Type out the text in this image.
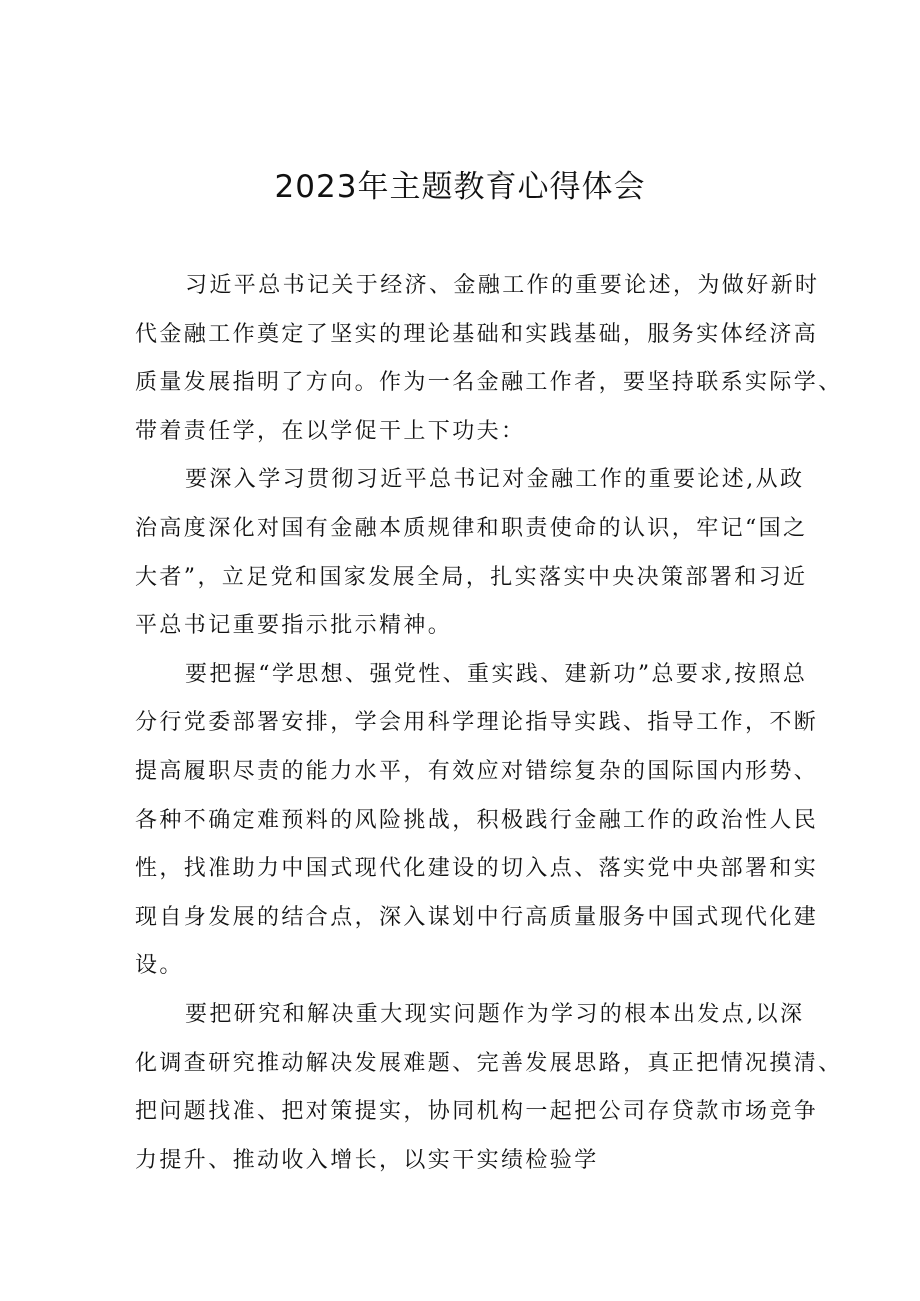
2023年主题教育心得体会
习近平总书记关于经济、金融工作的重要论述，为做好新时
代金融工作奠定了坚实的理论基础和实践基础，服务实体经济高
质量发展指明了方向。作为一名金融工作者，要坚持联系实际学、
带着责任学，在以学促干上下功夫：
要深入学习贯彻习近平总书记对金融工作的重要论述,从政
治高度深化对国有金融本质规律和职责使命的认识，牢记“国之
大者”，立足党和国家发展全局，扎实落实中央决策部署和习近
平总书记重要指示批示精神。
要把握“学思想、强党性、重实践、建新功”总要求,按照总
分行党委部署安排，学会用科学理论指导实践、指导工作，不断
提高履职尽责的能力水平，有效应对错综复杂的国际国内形势、
各种不确定难预料的风险挑战，积极践行金融工作的政治性人民
性，找准助力中国式现代化建设的切入点、落实党中央部署和实
现自身发展的结合点，深入谋划中行高质量服务中国式现代化建
设。
要把研究和解决重大现实问题作为学习的根本出发点,以深
化调查研究推动解决发展难题、完善发展思路，真正把情况摸清、
把问题找准、把对策提实，协同机构一起把公司存贷款市场竞争
力提升、推动收入增长，以实干实绩检验学
